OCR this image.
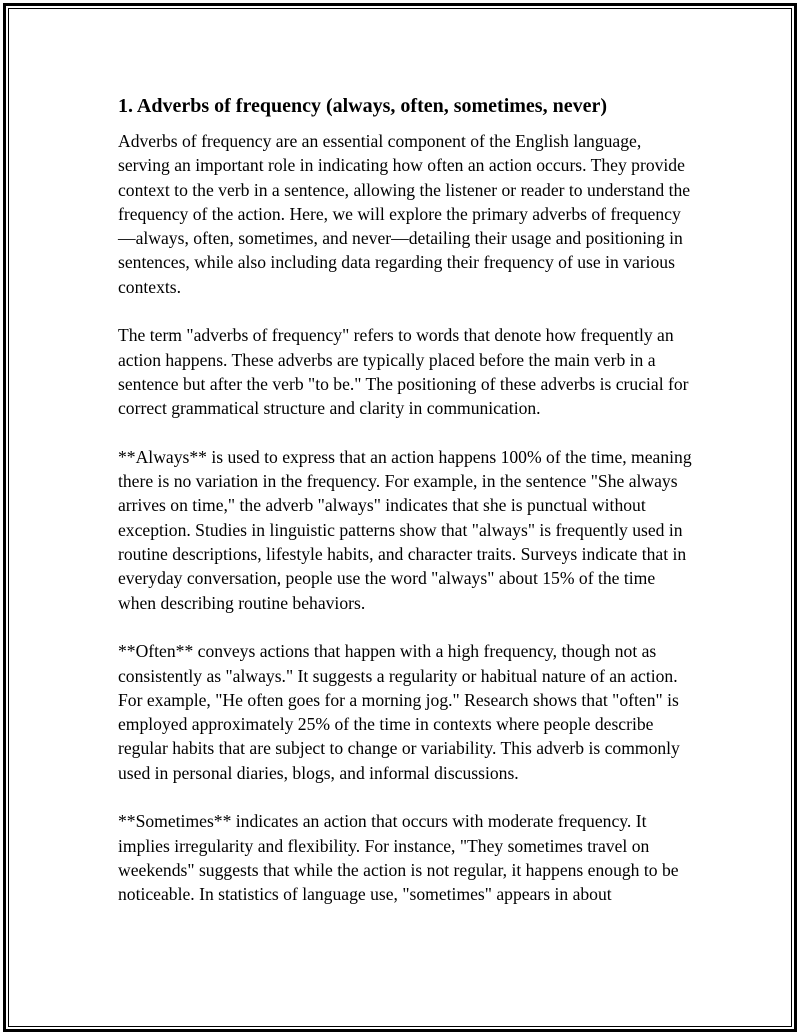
1. Adverbs of frequency (always, often, sometimes, never)

Adverbs of frequency are an essential component of the English language, serving an important role in indicating how often an action occurs. They provide context to the verb in a sentence, allowing the listener or reader to understand the frequency of the action. Here, we will explore the primary adverbs of frequency—always, often, sometimes, and never—detailing their usage and positioning in sentences, while also including data regarding their frequency of use in various contexts.

The term "adverbs of frequency" refers to words that denote how frequently an action happens. These adverbs are typically placed before the main verb in a sentence but after the verb "to be." The positioning of these adverbs is crucial for correct grammatical structure and clarity in communication.

**Always** is used to express that an action happens 100% of the time, meaning there is no variation in the frequency. For example, in the sentence "She always arrives on time," the adverb "always" indicates that she is punctual without exception. Studies in linguistic patterns show that "always" is frequently used in routine descriptions, lifestyle habits, and character traits. Surveys indicate that in everyday conversation, people use the word "always" about 15% of the time when describing routine behaviors.

**Often** conveys actions that happen with a high frequency, though not as consistently as "always." It suggests a regularity or habitual nature of an action. For example, "He often goes for a morning jog." Research shows that "often" is employed approximately 25% of the time in contexts where people describe regular habits that are subject to change or variability. This adverb is commonly used in personal diaries, blogs, and informal discussions.

**Sometimes** indicates an action that occurs with moderate frequency. It implies irregularity and flexibility. For instance, "They sometimes travel on weekends" suggests that while the action is not regular, it happens enough to be noticeable. In statistics of language use, "sometimes" appears in about
